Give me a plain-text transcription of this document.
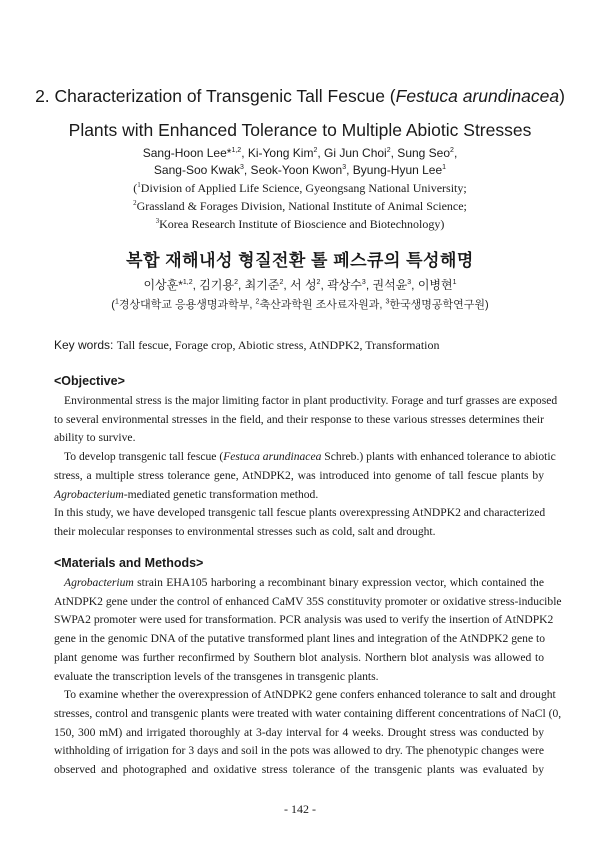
2. Characterization of Transgenic Tall Fescue (Festuca arundinacea)
Plants with Enhanced Tolerance to Multiple Abiotic Stresses
Sang-Hoon Lee*$^{1,2}$, Ki-Yong Kim$^2$, Gi Jun Choi$^2$, Sung Seo$^2$,
Sang-Soo Kwak$^3$, Seok-Yoon Kwon$^3$, Byung-Hyun Lee$^1$
($^1$Division of Applied Life Science, Gyeongsang National University;
$^2$Grassland & Forages Division, National Institute of Animal Science;
$^3$Korea Research Institute of Bioscience and Biotechnology)
복합 재해내성 형질전환 톨 페스큐의 특성해명
이상훈*$^{1,2}$, 김기용$^2$, 최기준$^2$, 서 성$^2$, 곽상수$^3$, 권석윤$^3$, 이병현$^1$
($^1$경상대학교 응용생명과학부, $^2$축산과학원 조사료자원과, $^3$한국생명공학연구원)
Key words: Tall fescue, Forage crop, Abiotic stress, AtNDPK2, Transformation
<Objective>
Environmental stress is the major limiting factor in plant productivity. Forage and turf grasses are exposed
to several environmental stresses in the field, and their response to these various stresses determines their
ability to survive.
To develop transgenic tall fescue (Festuca arundinacea Schreb.) plants with enhanced tolerance to abiotic
stress, a multiple stress tolerance gene, AtNDPK2, was introduced into genome of tall fescue plants by
Agrobacterium-mediated genetic transformation method.
In this study, we have developed transgenic tall fescue plants overexpressing AtNDPK2 and characterized
their molecular responses to environmental stresses such as cold, salt and drought.
<Materials and Methods>
Agrobacterium strain EHA105 harboring a recombinant binary expression vector, which contained the
AtNDPK2 gene under the control of enhanced CaMV 35S constituvity promoter or oxidative stress-inducible
SWPA2 promoter were used for transformation. PCR analysis was used to verify the insertion of AtNDPK2
gene in the genomic DNA of the putative transformed plant lines and integration of the AtNDPK2 gene to
plant genome was further reconfirmed by Southern blot analysis. Northern blot analysis was allowed to
evaluate the transcription levels of the transgenes in transgenic plants.
To examine whether the overexpression of AtNDPK2 gene confers enhanced tolerance to salt and drought
stresses, control and transgenic plants were treated with water containing different concentrations of NaCl (0,
150, 300 mM) and irrigated thoroughly at 3-day interval for 4 weeks. Drought stress was conducted by
withholding of irrigation for 3 days and soil in the pots was allowed to dry. The phenotypic changes were
observed and photographed and oxidative stress tolerance of the transgenic plants was evaluated by
- 142 -
